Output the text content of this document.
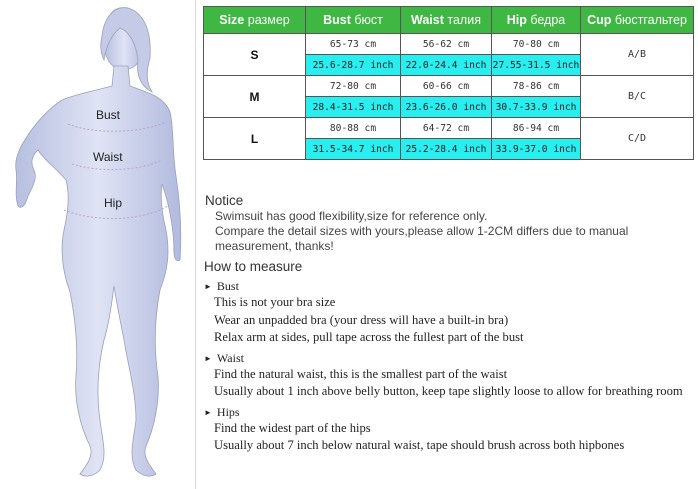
Bust
Waist
Hip
Size размер	Bust бюст	Waist талия	Hip бедра	Cup бюстгальтер
S	65-73 cm	56-62 cm	70-80 cm	A/B
	25.6-28.7 inch	22.0-24.4 inch	27.55-31.5 inch	
M	72-80 cm	60-66 cm	78-86 cm	B/C
	28.4-31.5 inch	23.6-26.0 inch	30.7-33.9 inch	
L	80-88 cm	64-72 cm	86-94 cm	C/D
	31.5-34.7 inch	25.2-28.4 inch	33.9-37.0 inch	
Notice
Swimsuit has good flexibility,size for reference only.
Compare the detail sizes with yours,please allow 1-2CM differs due to manual
measurement, thanks!
How to measure
► Bust
This is not your bra size
Wear an unpadded bra (your dress will have a built-in bra)
Relax arm at sides, pull tape across the fullest part of the bust
► Waist
Find the natural waist, this is the smallest part of the waist
Usually about 1 inch above belly button, keep tape slightly loose to allow for breathing room
► Hips
Find the widest part of the hips
Usually about 7 inch below natural waist, tape should brush across both hipbones
